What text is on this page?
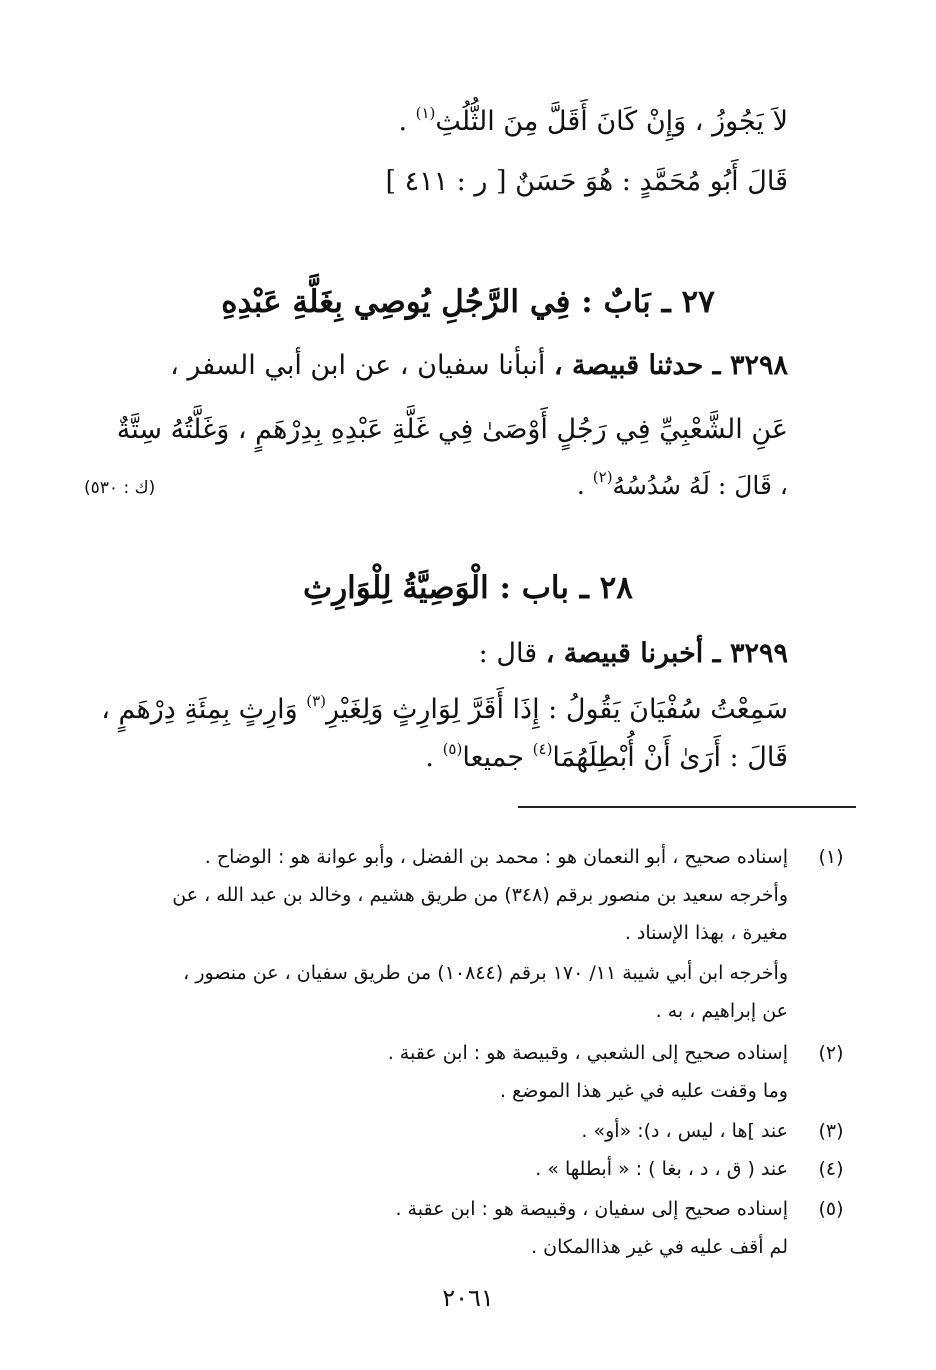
لاَ يَجُوزُ ، وَإِنْ كَانَ أَقَلَّ مِنَ الثُّلُثِ$^{(١)}$ .
قَالَ أَبُو مُحَمَّدٍ : هُوَ حَسَنٌ [ ر : ٤١١ ]
٢٧ ـ بَابٌ : فِي الرَّجُلِ يُوصِي بِغَلَّةِ عَبْدِهِ
٣٢٩٨ ـ حدثنا قبيصة ، أنبأنا سفيان ، عن ابن أبي السفر ،
عَنِ الشَّعْبِيِّ فِي رَجُلٍ أَوْصَىٰ فِي غَلَّةِ عَبْدِهِ بِدِرْهَمٍ ، وَغَلَّتُهُ سِتَّةٌ
، قَالَ : لَهُ سُدُسُهُ$^{(٢)}$ .
(ك : ٥٣٠)
٢٨ ـ باب : الْوَصِيَّةُ لِلْوَارِثِ
٣٢٩٩ ـ أخبرنا قبيصة ، قال :
سَمِعْتُ سُفْيَانَ يَقُولُ : إِذَا أَقَرَّ لِوَارِثٍ وَلِغَيْرِ$^{(٣)}$ وَارِثٍ بِمِئَةِ دِرْهَمٍ ،
قَالَ : أَرَىٰ أَنْ أُبْطِلَهُمَا$^{(٤)}$ جميعا$^{(٥)}$ .
(١)
إسناده صحيح ، أبو النعمان هو : محمد بن الفضل ، وأبو عوانة هو : الوضاح .
وأخرجه سعيد بن منصور برقم (٣٤٨) من طريق هشيم ، وخالد بن عبد الله ، عن
مغيرة ، بهذا الإسناد .
وأخرجه ابن أبي شيبة ١١/ ١٧٠ برقم (١٠٨٤٤) من طريق سفيان ، عن منصور ،
عن إبراهيم ، به .
(٢)
إسناده صحيح إلى الشعبي ، وقبيصة هو : ابن عقبة .
وما وقفت عليه في غير هذا الموضع .
(٣)
عند ]ها ، ليس ، د): «أو» .
(٤)
عند ( ق ، د ، بغا ) : « أبطلها » .
(٥)
إسناده صحيح إلى سفيان ، وقبيصة هو : ابن عقبة .
لم أقف عليه في غير هذاالمكان .
٢٠٦١
